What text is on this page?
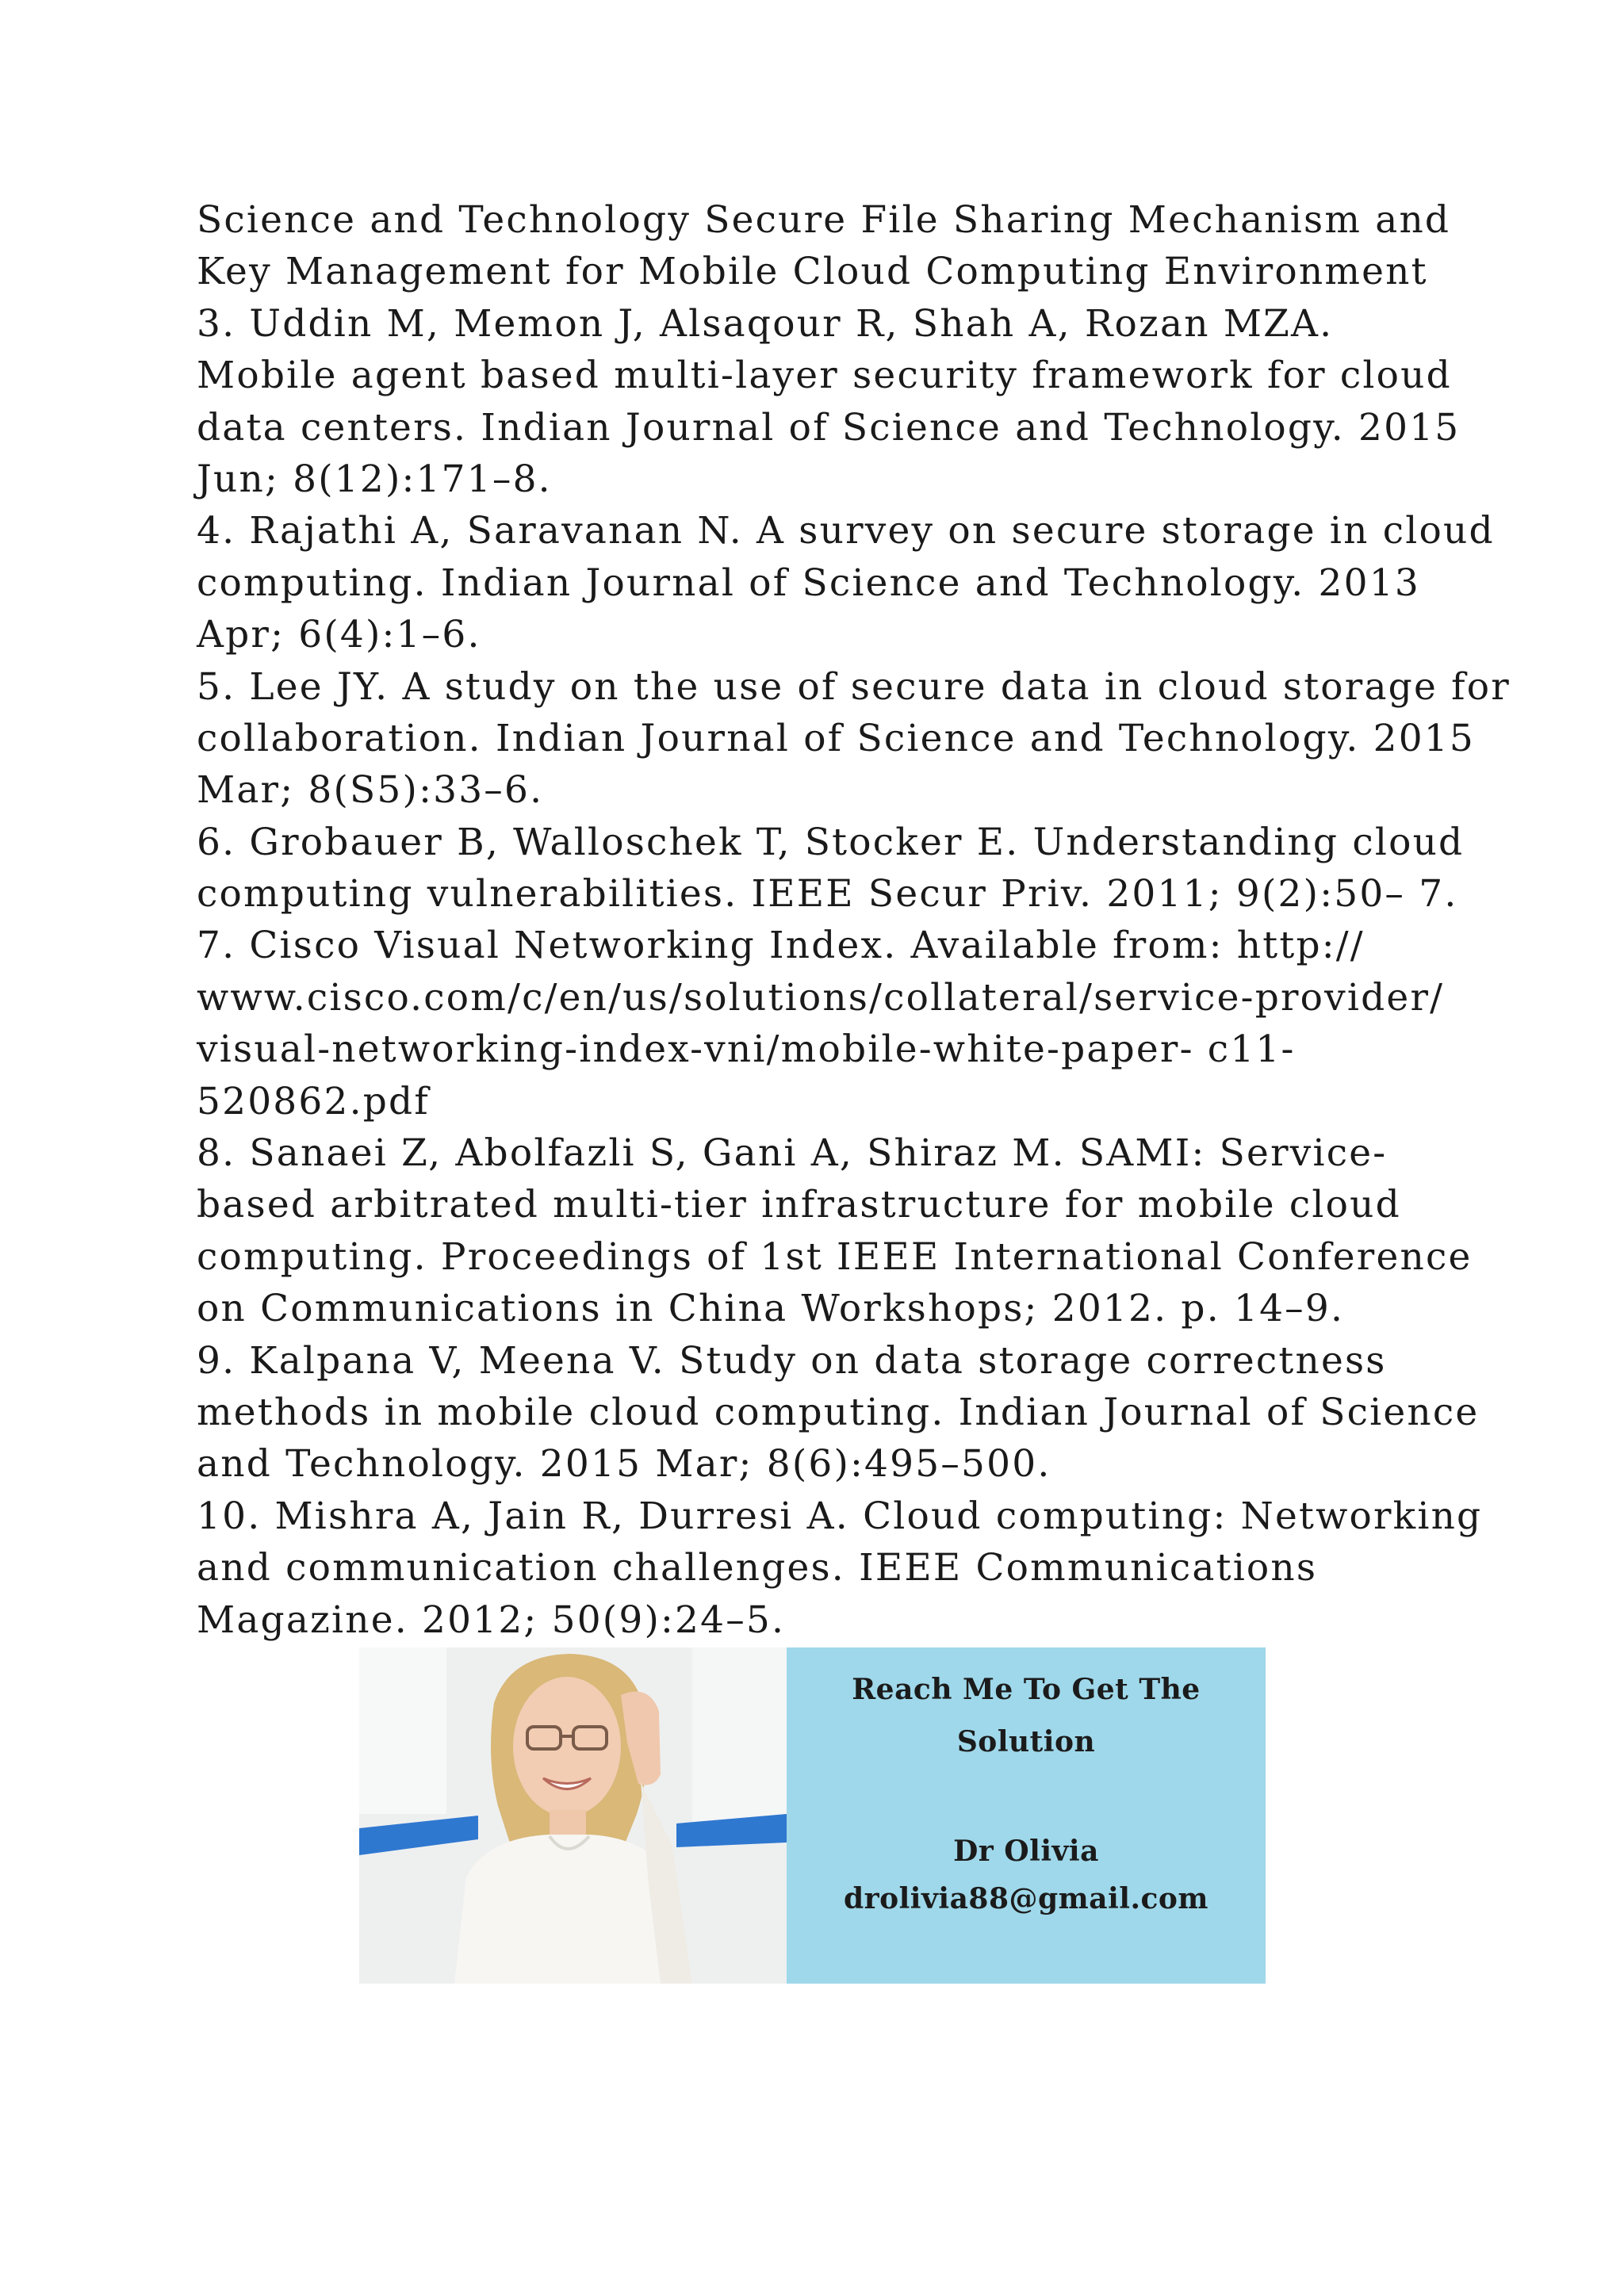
Science and Technology Secure File Sharing Mechanism and
Key Management for Mobile Cloud Computing Environment
3. Uddin M, Memon J, Alsaqour R, Shah A, Rozan MZA.
Mobile agent based multi-layer security framework for cloud
data centers. Indian Journal of Science and Technology. 2015
Jun; 8(12):171–8.
4. Rajathi A, Saravanan N. A survey on secure storage in cloud
computing. Indian Journal of Science and Technology. 2013
Apr; 6(4):1–6.
5. Lee JY. A study on the use of secure data in cloud storage for
collaboration. Indian Journal of Science and Technology. 2015
Mar; 8(S5):33–6.
6. Grobauer B, Walloschek T, Stocker E. Understanding cloud
computing vulnerabilities. IEEE Secur Priv. 2011; 9(2):50– 7.
7. Cisco Visual Networking Index. Available from: http://
www.cisco.com/c/en/us/solutions/collateral/service-provider/
visual-networking-index-vni/mobile-white-paper- c11-
520862.pdf
8. Sanaei Z, Abolfazli S, Gani A, Shiraz M. SAMI: Service-
based arbitrated multi-tier infrastructure for mobile cloud
computing. Proceedings of 1st IEEE International Conference
on Communications in China Workshops; 2012. p. 14–9.
9. Kalpana V, Meena V. Study on data storage correctness
methods in mobile cloud computing. Indian Journal of Science
and Technology. 2015 Mar; 8(6):495–500.
10. Mishra A, Jain R, Durresi A. Cloud computing: Networking
and communication challenges. IEEE Communications
Magazine. 2012; 50(9):24–5.
Reach Me To Get The
Solution
Dr Olivia
drolivia88@gmail.com
